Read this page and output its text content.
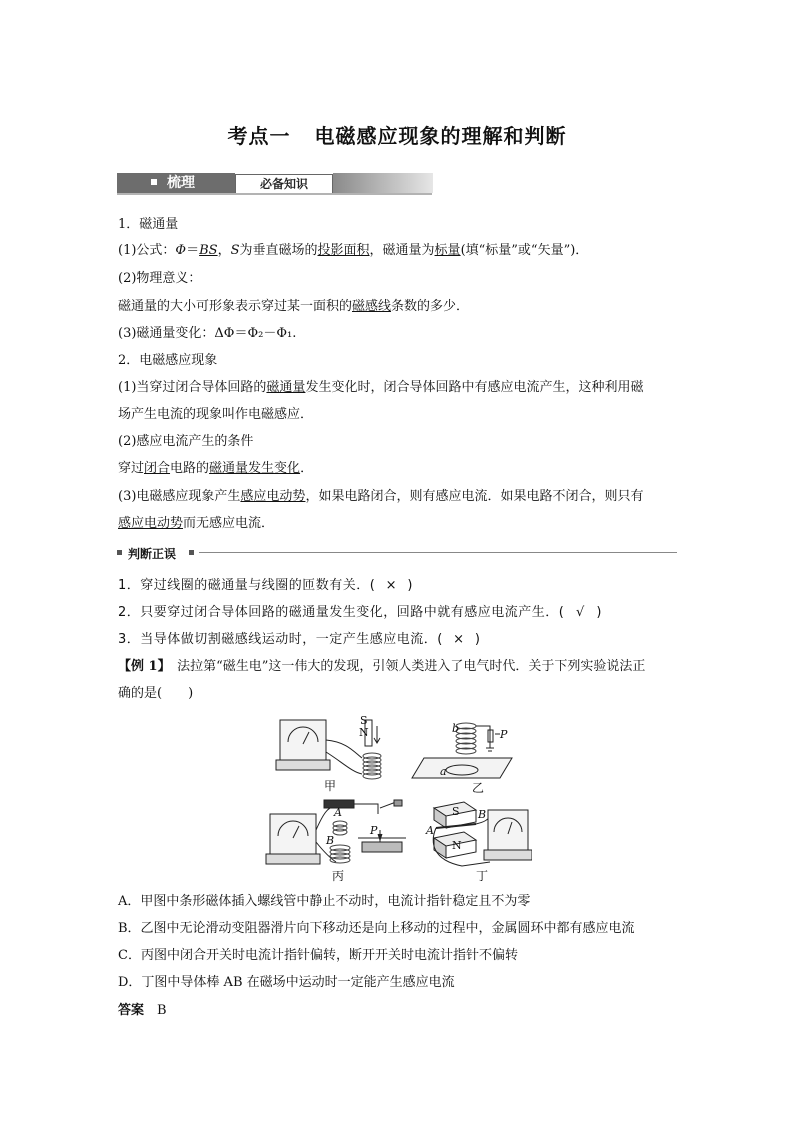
考点一 电磁感应现象的理解和判断
梳理	必备知识
1．磁通量
(1)公式：Φ＝BS，S为垂直磁场的投影面积，磁通量为标量(填“标量”或“矢量”)．
(2)物理意义：
磁通量的大小可形象表示穿过某一面积的磁感线条数的多少．
(3)磁通量变化：ΔΦ＝Φ₂－Φ₁.
2．电磁感应现象
(1)当穿过闭合导体回路的磁通量发生变化时，闭合导体回路中有感应电流产生，这种利用磁
场产生电流的现象叫作电磁感应．
(2)感应电流产生的条件
穿过闭合电路的磁通量发生变化．
(3)电磁感应现象产生感应电动势，如果电路闭合，则有感应电流．如果电路不闭合，则只有
感应电动势而无感应电流．
判断正误
1．穿过线圈的磁通量与线圈的匝数有关．( × )
2．只要穿过闭合导体回路的磁通量发生变化，回路中就有感应电流产生．( √ )
3．当导体做切割磁感线运动时，一定产生感应电流．( × )
【例 1】  法拉第“磁生电”这一伟大的发现，引领人类进入了电气时代．关于下列实验说法正
确的是(　　)
S
N
甲
b
a
P
乙
A
B
P
丙
S
N
A
B
丁
A．甲图中条形磁体插入螺线管中静止不动时，电流计指针稳定且不为零
B．乙图中无论滑动变阻器滑片向下移动还是向上移动的过程中，金属圆环中都有感应电流
C．丙图中闭合开关时电流计指针偏转，断开开关时电流计指针不偏转
D．丁图中导体棒 AB 在磁场中运动时一定能产生感应电流
答案  B
